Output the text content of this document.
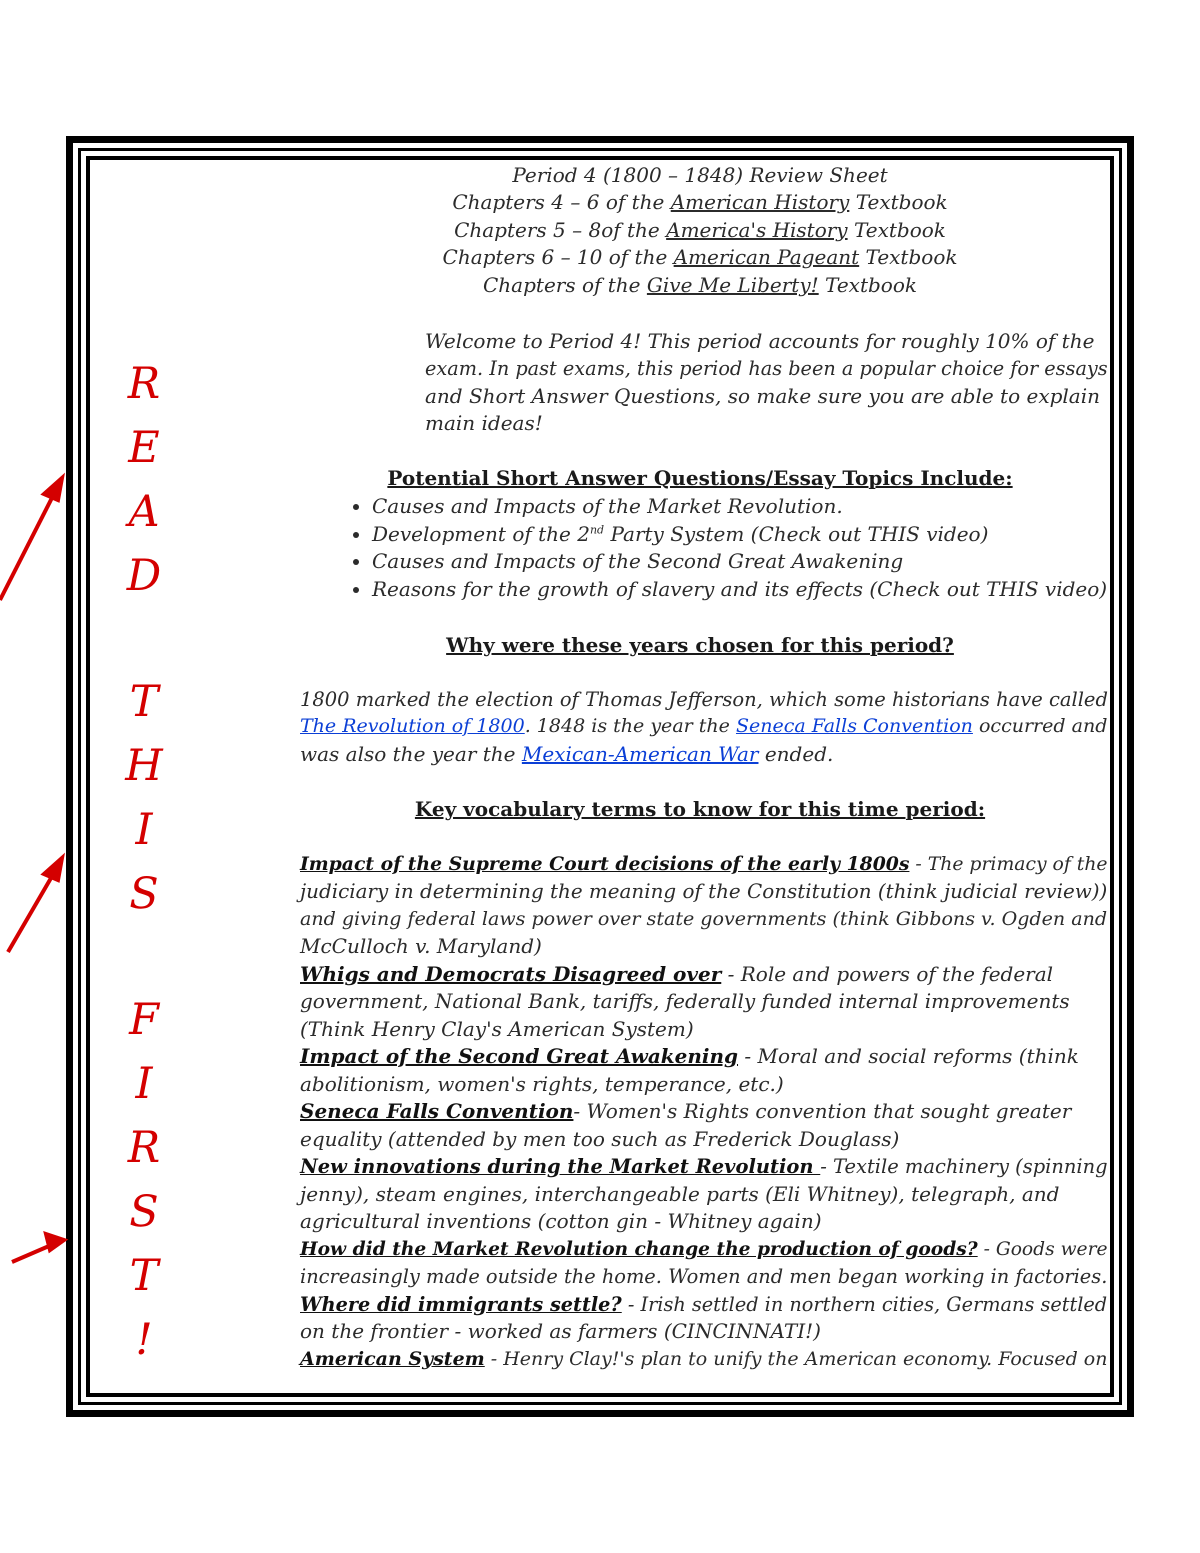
R
E
A
D
T
H
I
S
F
I
R
S
T
!
Period 4 (1800 – 1848) Review Sheet
Chapters 4 – 6 of the American History Textbook
Chapters 5 – 8of the America's History Textbook
Chapters 6 – 10 of the American Pageant Textbook
Chapters of the Give Me Liberty! Textbook
Welcome to Period 4! This period accounts for roughly 10% of the
exam. In past exams, this period has been a popular choice for essays
and Short Answer Questions, so make sure you are able to explain
main ideas!
Potential Short Answer Questions/Essay Topics Include:
• Causes and Impacts of the Market Revolution.
• Development of the 2nd Party System (Check out THIS video)
• Causes and Impacts of the Second Great Awakening
• Reasons for the growth of slavery and its effects (Check out THIS video)
Why were these years chosen for this period?
1800 marked the election of Thomas Jefferson, which some historians have called
The Revolution of 1800. 1848 is the year the Seneca Falls Convention occurred and
was also the year the Mexican-American War ended.
Key vocabulary terms to know for this time period:
Impact of the Supreme Court decisions of the early 1800s - The primacy of the
judiciary in determining the meaning of the Constitution (think judicial review))
and giving federal laws power over state governments (think Gibbons v. Ogden and
McCulloch v. Maryland)
Whigs and Democrats Disagreed over - Role and powers of the federal
government, National Bank, tariffs, federally funded internal improvements
(Think Henry Clay's American System)
Impact of the Second Great Awakening - Moral and social reforms (think
abolitionism, women's rights, temperance, etc.)
Seneca Falls Convention- Women's Rights convention that sought greater
equality (attended by men too such as Frederick Douglass)
New innovations during the Market Revolution - Textile machinery (spinning
jenny), steam engines, interchangeable parts (Eli Whitney), telegraph, and
agricultural inventions (cotton gin - Whitney again)
How did the Market Revolution change the production of goods? - Goods were
increasingly made outside the home. Women and men began working in factories.
Where did immigrants settle? - Irish settled in northern cities, Germans settled
on the frontier - worked as farmers (CINCINNATI!)
American System - Henry Clay!'s plan to unify the American economy. Focused on
